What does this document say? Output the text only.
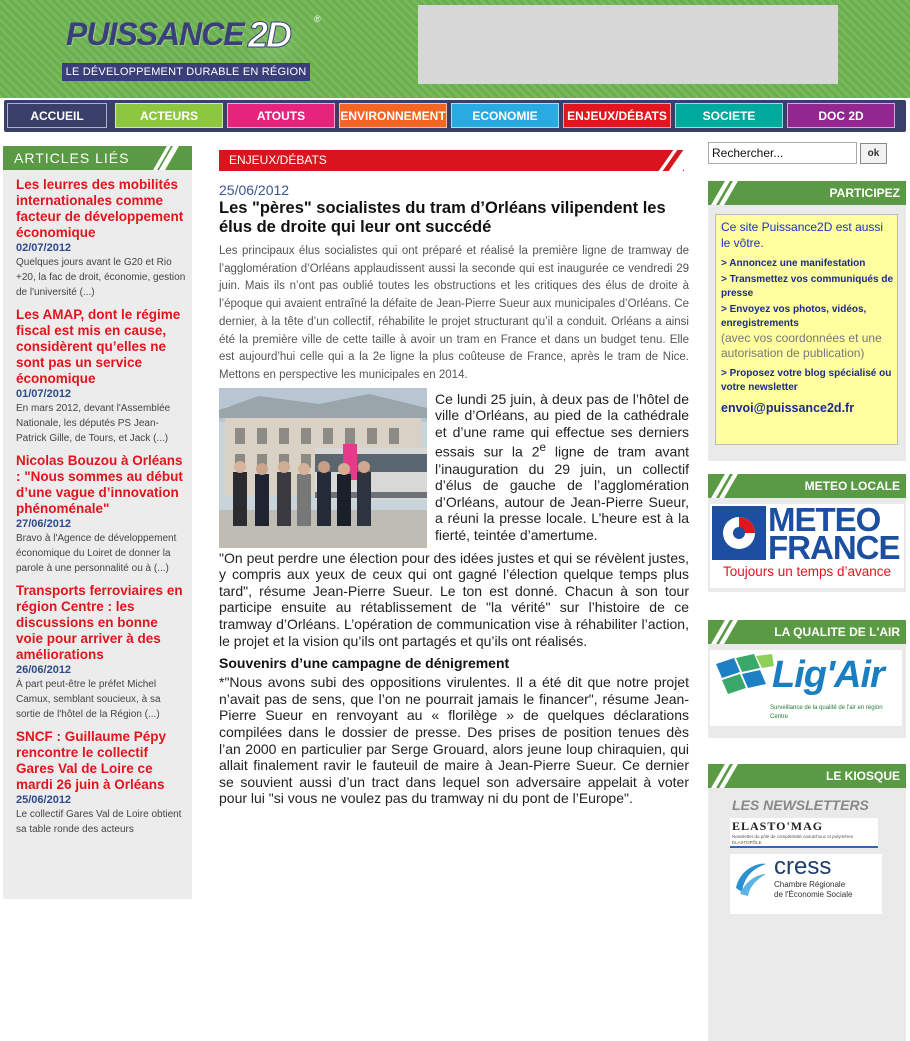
PUISSANCE 2D	®
LE DÉVELOPPEMENT DURABLE EN RÉGION
ACCUEIL	ACTEURS	ATOUTS	ENVIRONNEMENT	ECONOMIE	ENJEUX/DÉBATS	SOCIETE	DOC 2D
ARTICLES LIÉS
Les leurres des mobilités internationales comme facteur de développement économique
02/07/2012
Quelques jours avant le G20 et Rio +20, la fac de droit, économie, gestion de l'université (...)
Les AMAP, dont le régime fiscal est mis en cause, considèrent qu’elles ne sont pas un service économique
01/07/2012
En mars 2012, devant l'Assemblée Nationale, les députés PS Jean-Patrick Gille, de Tours, et Jack (...)
Nicolas Bouzou à Orléans : "Nous sommes au début d’une vague d’innovation phénoménale"
27/06/2012
Bravo à l'Agence de développement économique du Loiret de donner la parole à une personnalité ou à (...)
Transports ferroviaires en région Centre : les discussions en bonne voie pour arriver à des améliorations
26/06/2012
À part peut-être le préfet Michel Camux, semblant soucieux, à sa sortie de l'hôtel de la Région (...)
SNCF : Guillaume Pépy rencontre le collectif Gares Val de Loire ce mardi 26 juin à Orléans
25/06/2012
Le collectif Gares Val de Loire obtient sa table ronde des acteurs
ENJEUX/DÉBATS
25/06/2012
Les "pères" socialistes du tram d’Orléans vilipendent les élus de droite qui leur ont succédé

Les principaux élus socialistes qui ont préparé et réalisé la première ligne de tramway de l’agglomération d’Orléans applaudissent aussi la seconde qui est inaugurée ce vendredi 29 juin. Mais ils n’ont pas oublié toutes les obstructions et les critiques des élus de droite à l’époque qui avaient entraîné la défaite de Jean-Pierre Sueur aux municipales d’Orléans. Ce dernier, à la tête d’un collectif, réhabilite le projet structurant qu’il a conduit. Orléans a ainsi été la première ville de cette taille à avoir un tram en France et dans un budget tenu. Elle est aujourd’hui celle qui a la 2e ligne la plus coûteuse de France, après le tram de Nice. Mettons en perspective les municipales en 2014.

Ce lundi 25 juin, à deux pas de l’hôtel de ville d’Orléans, au pied de la cathédrale et d’une rame qui effectue ses derniers essais sur la 2e ligne de tram avant l’inauguration du 29 juin, un collectif d’élus de gauche de l’agglomération d’Orléans, autour de Jean-Pierre Sueur, a réuni la presse locale. L’heure est à la fierté, teintée d’amertume.

"On peut perdre une élection pour des idées justes et qui se révèlent justes, y compris aux yeux de ceux qui ont gagné l’élection quelque temps plus tard", résume Jean-Pierre Sueur. Le ton est donné. Chacun à son tour participe ensuite au rétablissement de "la vérité" sur l’histoire de ce tramway d’Orléans. L’opération de communication vise à réhabiliter l’action, le projet et la vision qu’ils ont partagés et qu’ils ont réalisés.

Souvenirs d’une campagne de dénigrement

*"Nous avons subi des oppositions virulentes. Il a été dit que notre projet n’avait pas de sens, que l’on ne pourrait jamais le financer", résume Jean-Pierre Sueur en renvoyant au « florilège » de quelques déclarations compilées dans le dossier de presse. Des prises de position tenues dès l’an 2000 en particulier par Serge Grouard, alors jeune loup chiraquien, qui allait finalement ravir le fauteuil de maire à Jean-Pierre Sueur. Ce dernier se souvient aussi d’un tract dans lequel son adversaire appelait à voter pour lui "si vous ne voulez pas du tramway ni du pont de l’Europe".

Rechercher...
ok
PARTICIPEZ
Ce site Puissance2D est aussi le vôtre.
> Annoncez une manifestation
> Transmettez vos communiqués de presse
> Envoyez vos photos, vidéos, enregistrements
(avec vos coordonnées et une autorisation de publication)
> Proposez votre blog spécialisé ou votre newsletter
envoi@puissance2d.fr
METEO LOCALE
METEO
FRANCE
Toujours un temps d’avance
LA QUALITE DE L'AIR
Lig'Air
Surveillance de la qualité de l'air en région Centre
LE KIOSQUE
LES NEWSLETTERS
ELASTO'MAG
Newsletter du pôle de compétitivité caoutchouc et polymères ELASTOPÔLE
cress
Chambre Régionale
de l'Économie Sociale
